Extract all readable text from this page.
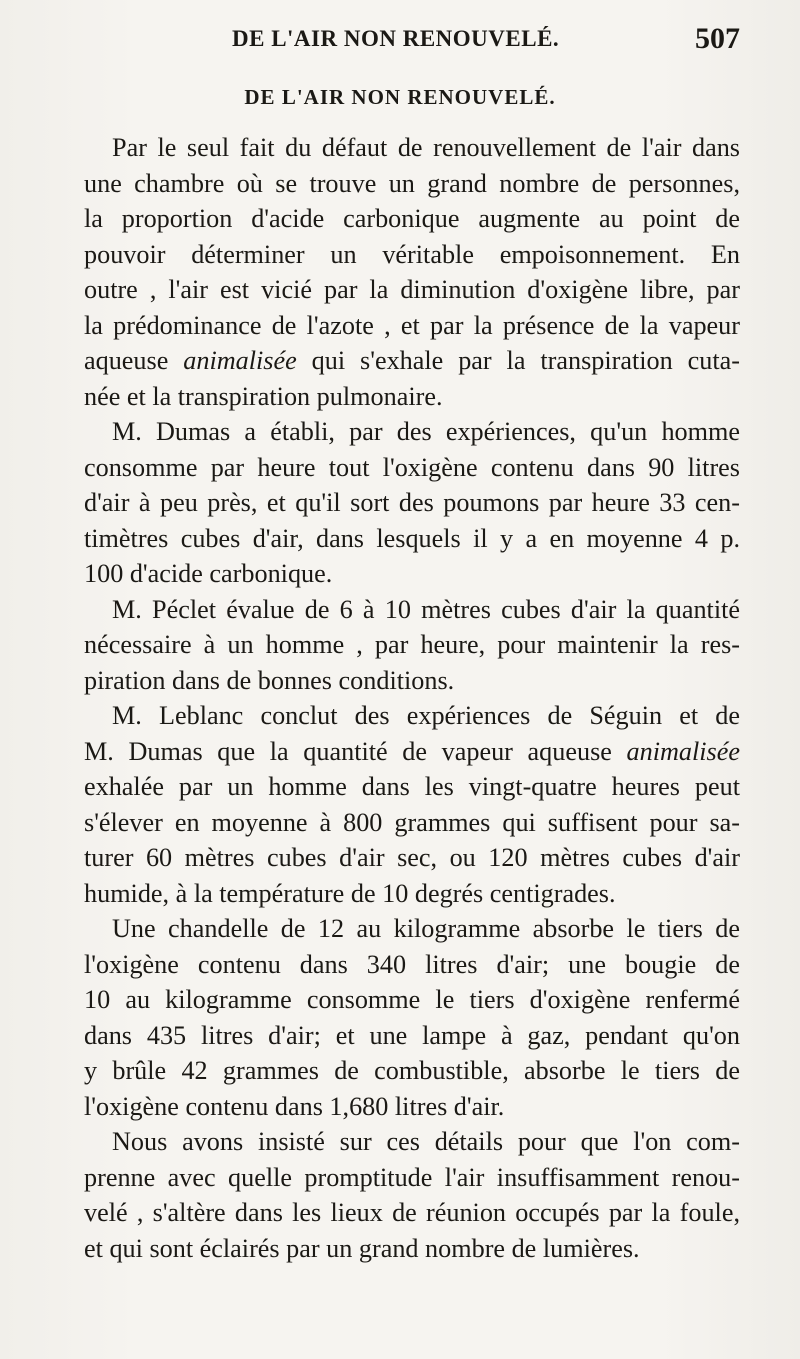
DE L'AIR NON RENOUVELÉ.	507
DE L'AIR NON RENOUVELÉ.

Par le seul fait du défaut de renouvellement de l'air dans
une chambre où se trouve un grand nombre de personnes,
la proportion d'acide carbonique augmente au point de
pouvoir déterminer un véritable empoisonnement. En
outre , l'air est vicié par la diminution d'oxigène libre, par
la prédominance de l'azote , et par la présence de la vapeur
aqueuse animalisée qui s'exhale par la transpiration cuta-
née et la transpiration pulmonaire.

M. Dumas a établi, par des expériences, qu'un homme
consomme par heure tout l'oxigène contenu dans 90 litres
d'air à peu près, et qu'il sort des poumons par heure 33 cen-
timètres cubes d'air, dans lesquels il y a en moyenne 4 p.
100 d'acide carbonique.

M. Péclet évalue de 6 à 10 mètres cubes d'air la quantité
nécessaire à un homme , par heure, pour maintenir la res-
piration dans de bonnes conditions.

M. Leblanc conclut des expériences de Séguin et de
M. Dumas que la quantité de vapeur aqueuse animalisée
exhalée par un homme dans les vingt-quatre heures peut
s'élever en moyenne à 800 grammes qui suffisent pour sa-
turer 60 mètres cubes d'air sec, ou 120 mètres cubes d'air
humide, à la température de 10 degrés centigrades.

Une chandelle de 12 au kilogramme absorbe le tiers de
l'oxigène contenu dans 340 litres d'air; une bougie de
10 au kilogramme consomme le tiers d'oxigène renfermé
dans 435 litres d'air; et une lampe à gaz, pendant qu'on
y brûle 42 grammes de combustible, absorbe le tiers de
l'oxigène contenu dans 1,680 litres d'air.

Nous avons insisté sur ces détails pour que l'on com-
prenne avec quelle promptitude l'air insuffisamment renou-
velé , s'altère dans les lieux de réunion occupés par la foule,
et qui sont éclairés par un grand nombre de lumières.
